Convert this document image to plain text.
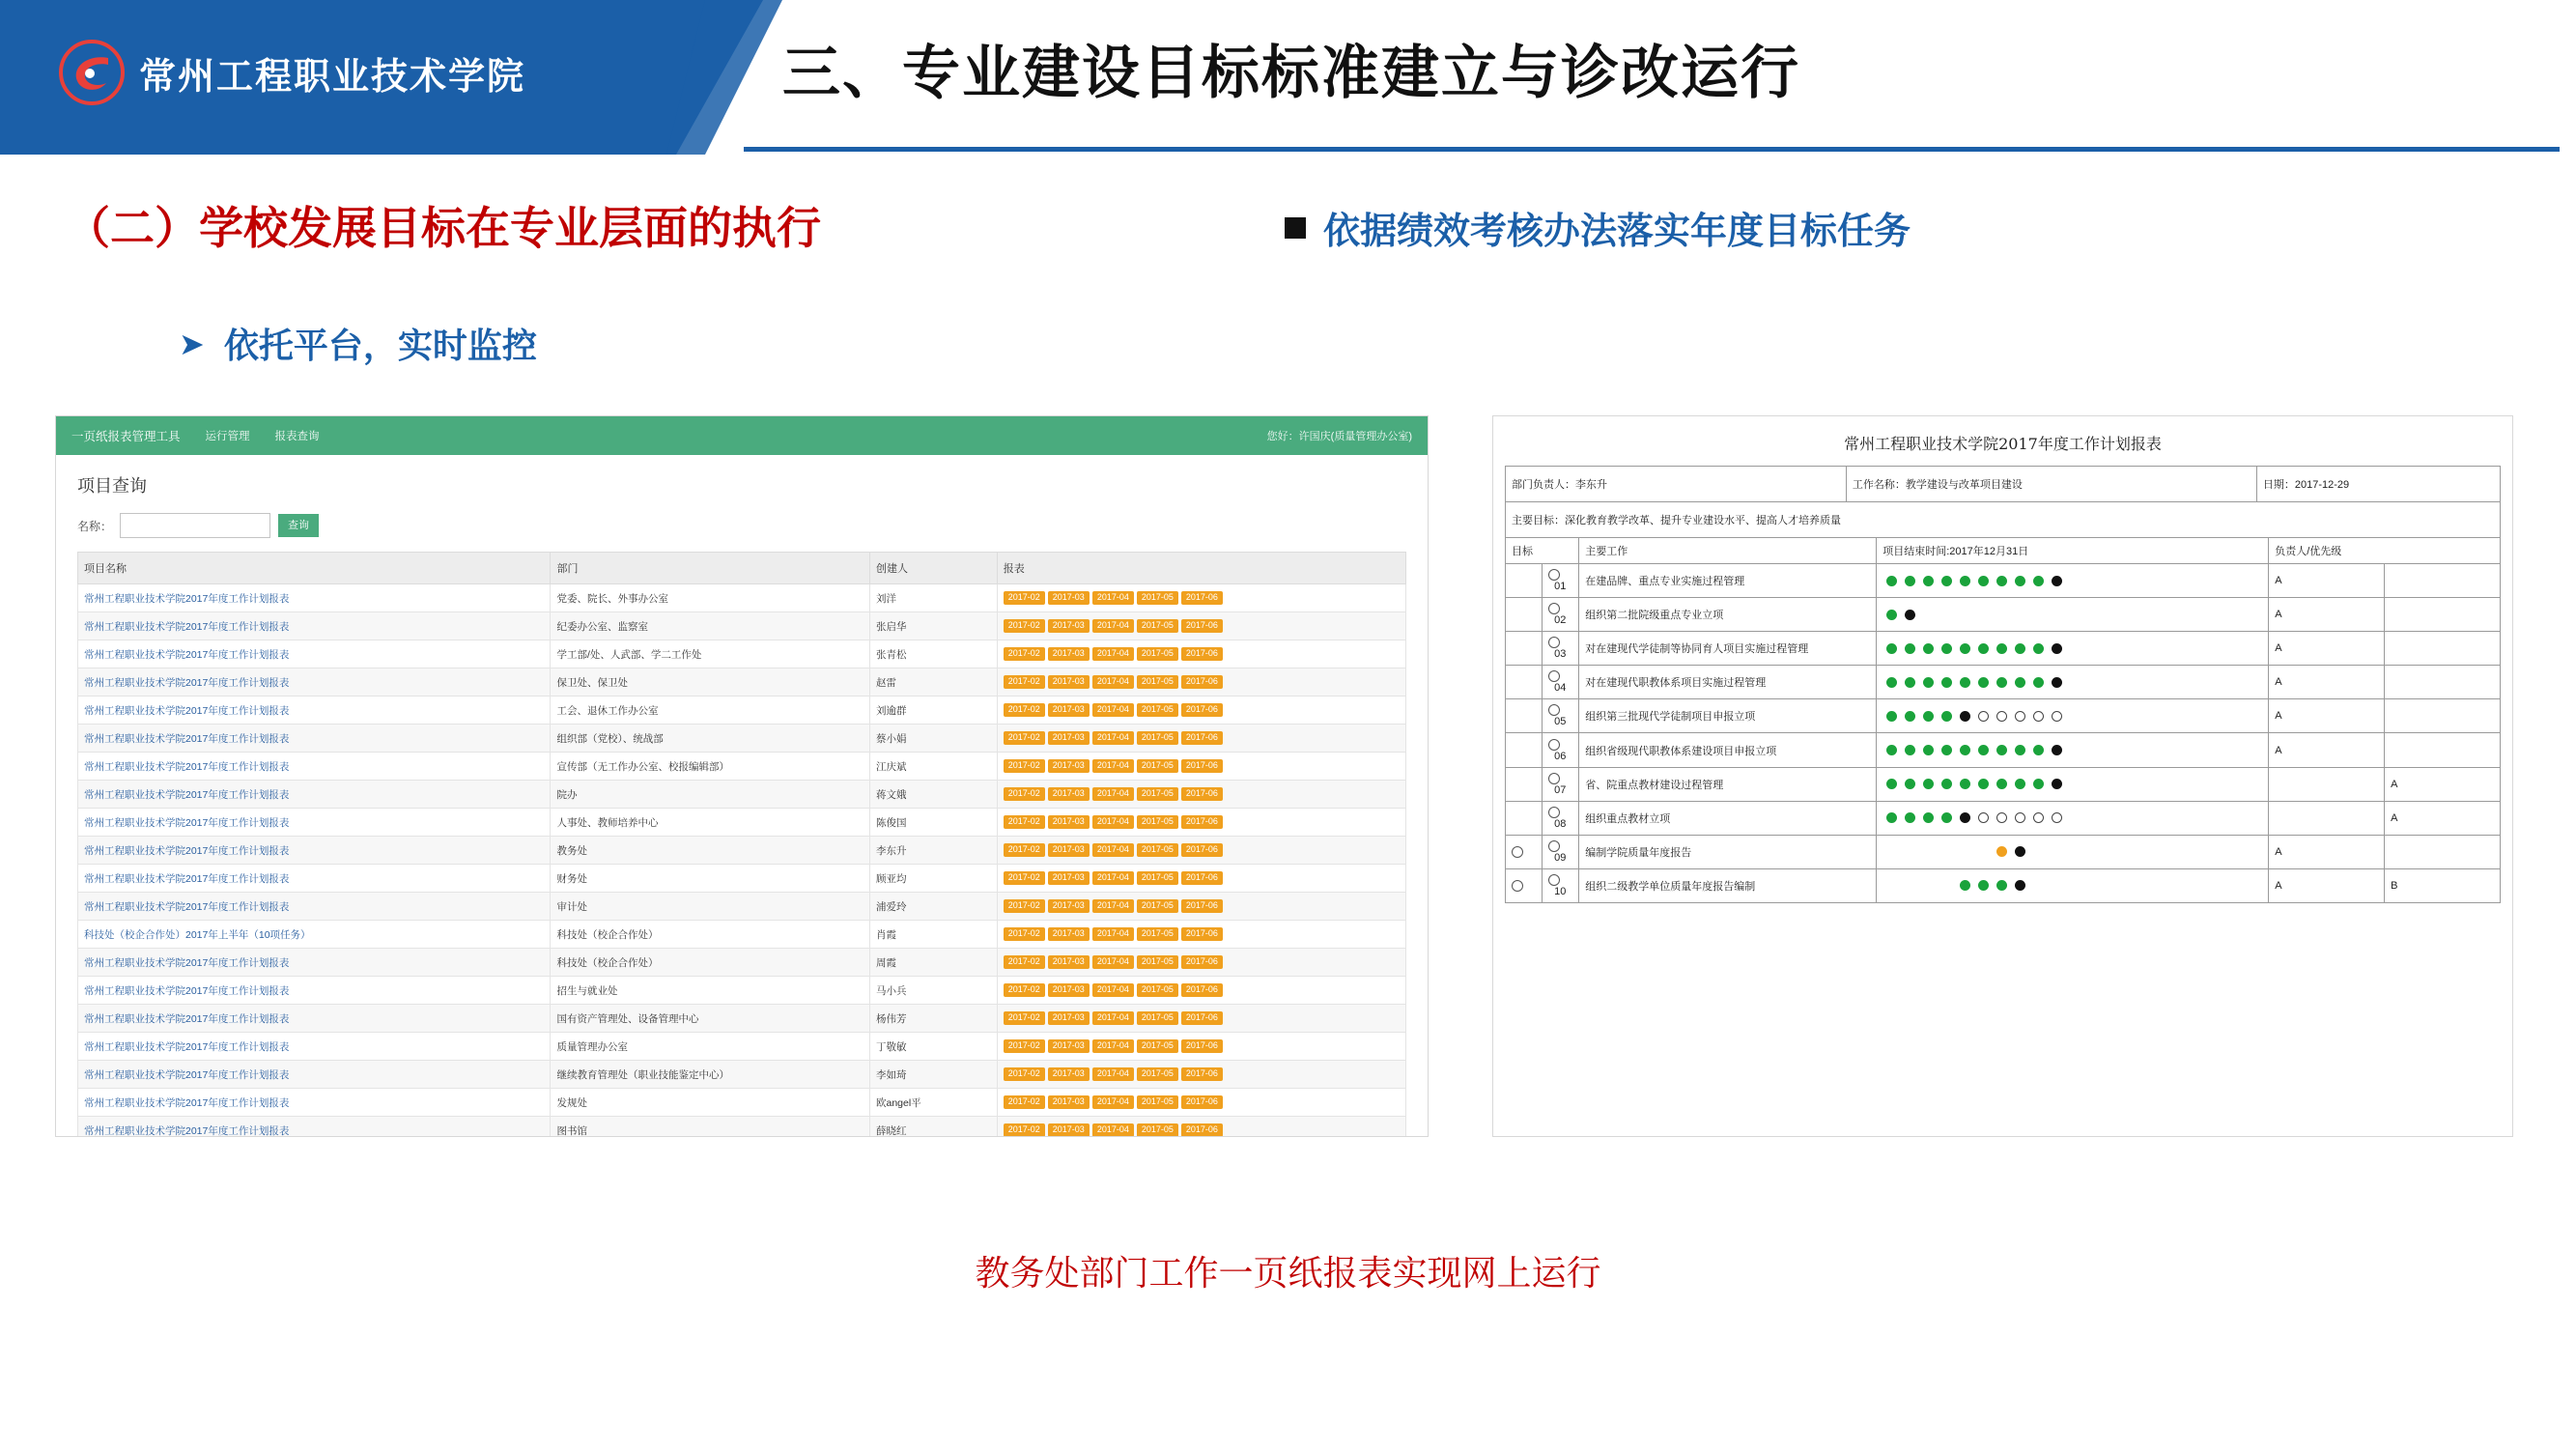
常州工程职业技术学院	三、专业建设目标标准建立与诊改运行
（二）学校发展目标在专业层面的执行	依据绩效考核办法落实年度目标任务
➤ 依托平台，实时监控
一页纸报表管理工具 运行管理 报表查询	您好：许国庆(质量管理办公室)
项目查询
名称：	查询
项目名称	部门	创建人	报表
常州工程职业技术学院2017年度工作计划报表	党委、院长、外事办公室	刘洋	2017-02 2017-03 2017-04 2017-05 2017-06
常州工程职业技术学院2017年度工作计划报表	纪委办公室、监察室	张启华	2017-02 2017-03 2017-04 2017-05 2017-06
常州工程职业技术学院2017年度工作计划报表	学工部/处、人武部、学二工作处	张青松	2017-02 2017-03 2017-04 2017-05 2017-06
常州工程职业技术学院2017年度工作计划报表	保卫处、保卫处	赵雷	2017-02 2017-03 2017-04 2017-05 2017-06
常州工程职业技术学院2017年度工作计划报表	工会、退休工作办公室	刘逾群	2017-02 2017-03 2017-04 2017-05 2017-06
常州工程职业技术学院2017年度工作计划报表	组织部（党校）、统战部	蔡小娟	2017-02 2017-03 2017-04 2017-05 2017-06
常州工程职业技术学院2017年度工作计划报表	宣传部（无工作办公室、校报编辑部）	江庆斌	2017-02 2017-03 2017-04 2017-05 2017-06
常州工程职业技术学院2017年度工作计划报表	院办	蒋文娥	2017-02 2017-03 2017-04 2017-05 2017-06
常州工程职业技术学院2017年度工作计划报表	人事处、教师培养中心	陈俊国	2017-02 2017-03 2017-04 2017-05 2017-06
常州工程职业技术学院2017年度工作计划报表	教务处	李东升	2017-02 2017-03 2017-04 2017-05 2017-06
常州工程职业技术学院2017年度工作计划报表	财务处	顾亚均	2017-02 2017-03 2017-04 2017-05 2017-06
常州工程职业技术学院2017年度工作计划报表	审计处	浦爱玲	2017-02 2017-03 2017-04 2017-05 2017-06
科技处（校企合作处）2017年上半年（10项任务）	科技处（校企合作处）	肖霞	2017-02 2017-03 2017-04 2017-05 2017-06
常州工程职业技术学院2017年度工作计划报表	科技处（校企合作处）	周霞	2017-02 2017-03 2017-04 2017-05 2017-06
常州工程职业技术学院2017年度工作计划报表	招生与就业处	马小兵	2017-02 2017-03 2017-04 2017-05 2017-06
常州工程职业技术学院2017年度工作计划报表	国有资产管理处、设备管理中心	杨伟芳	2017-02 2017-03 2017-04 2017-05 2017-06
常州工程职业技术学院2017年度工作计划报表	质量管理办公室	丁敬敏	2017-02 2017-03 2017-04 2017-05 2017-06
常州工程职业技术学院2017年度工作计划报表	继续教育管理处（职业技能鉴定中心）	李如琦	2017-02 2017-03 2017-04 2017-05 2017-06
常州工程职业技术学院2017年度工作计划报表	发规处	欧angel平	2017-02 2017-03 2017-04 2017-05 2017-06
常州工程职业技术学院2017年度工作计划报表	图书馆	薛晓红	2017-02 2017-03 2017-04 2017-05 2017-06
常州工程职业技术学院2017年度工作计划报表
部门负责人：李东升	工作名称：教学建设与改革项目建设	日期：2017-12-29
主要目标：深化教育教学改革、提升专业建设水平、提高人才培养质量
目标		主要工作	项目结束时间:2017年12月31日	负责人/优先级	
	01	在建品牌、重点专业实施过程管理		A	
	02	组织第二批院级重点专业立项		A	
	03	对在建现代学徒制等协同育人项目实施过程管理		A	
	04	对在建现代职教体系项目实施过程管理		A	
	05	组织第三批现代学徒制项目申报立项		A	
	06	组织省级现代职教体系建设项目申报立项		A	
	07	省、院重点教材建设过程管理			A
	08	组织重点教材立项			A
	09	编制学院质量年度报告		A	
	10	组织二级教学单位质量年度报告编制		A	B
教务处部门工作一页纸报表实现网上运行
